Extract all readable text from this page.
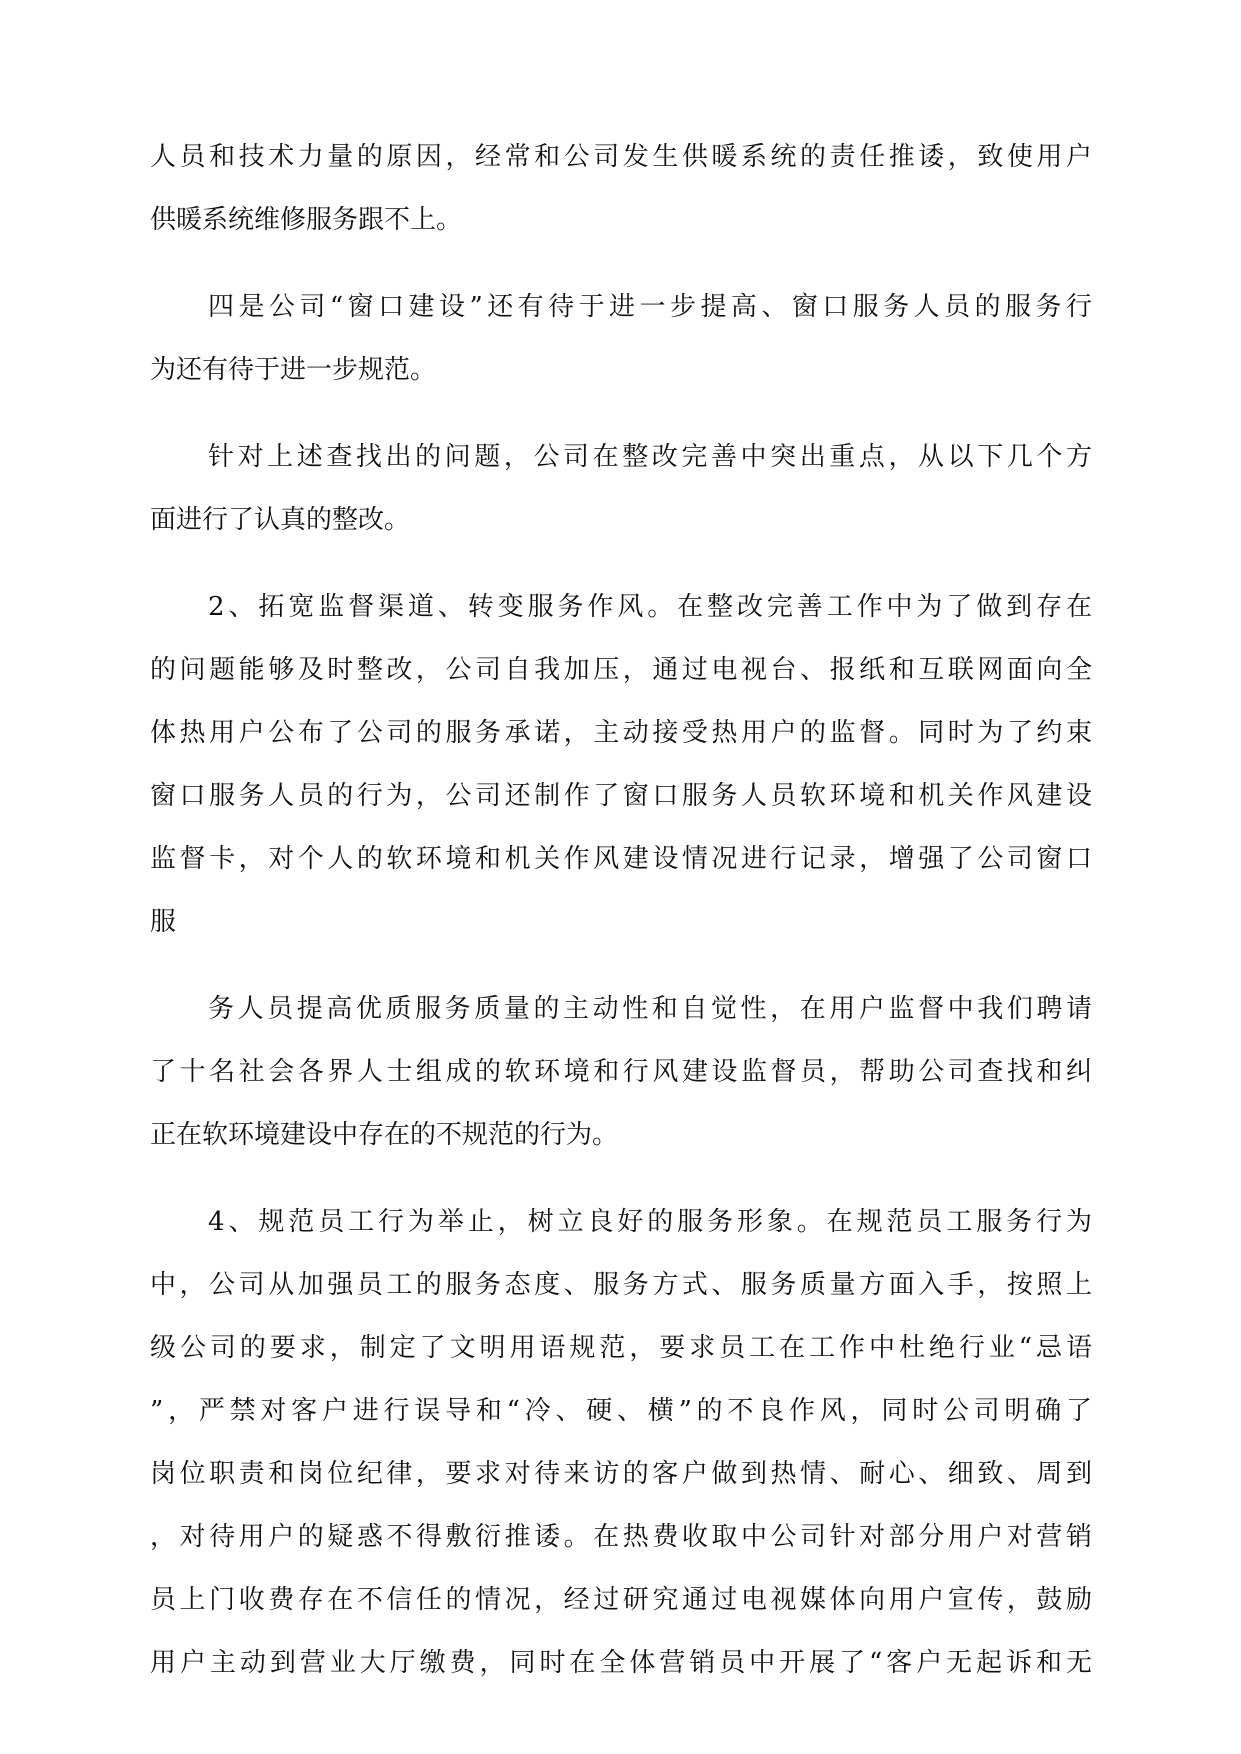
人员和技术力量的原因，经常和公司发生供暖系统的责任推诿，致使用户
供暖系统维修服务跟不上。
四是公司“窗口建设”还有待于进一步提高、窗口服务人员的服务行
为还有待于进一步规范。
针对上述查找出的问题，公司在整改完善中突出重点，从以下几个方
面进行了认真的整改。
2、拓宽监督渠道、转变服务作风。在整改完善工作中为了做到存在
的问题能够及时整改，公司自我加压，通过电视台、报纸和互联网面向全
体热用户公布了公司的服务承诺，主动接受热用户的监督。同时为了约束
窗口服务人员的行为，公司还制作了窗口服务人员软环境和机关作风建设
监督卡，对个人的软环境和机关作风建设情况进行记录，增强了公司窗口
服
务人员提高优质服务质量的主动性和自觉性，在用户监督中我们聘请
了十名社会各界人士组成的软环境和行风建设监督员，帮助公司查找和纠
正在软环境建设中存在的不规范的行为。
4、规范员工行为举止，树立良好的服务形象。在规范员工服务行为
中，公司从加强员工的服务态度、服务方式、服务质量方面入手，按照上
级公司的要求，制定了文明用语规范，要求员工在工作中杜绝行业“忌语
”，严禁对客户进行误导和“冷、硬、横”的不良作风，同时公司明确了
岗位职责和岗位纪律，要求对待来访的客户做到热情、耐心、细致、周到
，对待用户的疑惑不得敷衍推诿。在热费收取中公司针对部分用户对营销
员上门收费存在不信任的情况，经过研究通过电视媒体向用户宣传，鼓励
用户主动到营业大厅缴费，同时在全体营销员中开展了“客户无起诉和无
